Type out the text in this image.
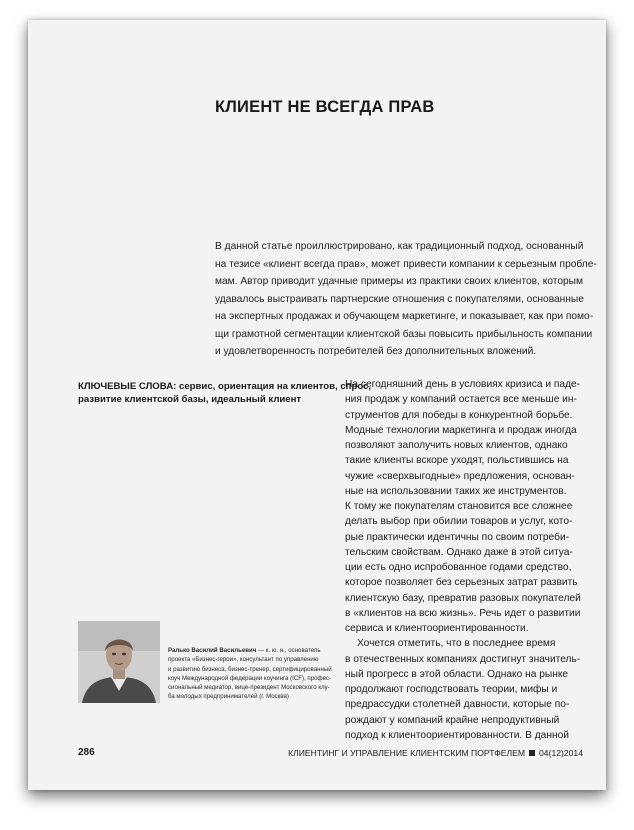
КЛИЕНТ НЕ ВСЕГДА ПРАВ
В данной статье проиллюстрировано, как традиционный подход, основанный
на тезисе «клиент всегда прав», может привести компании к серьезным пробле-
мам. Автор приводит удачные примеры из практики своих клиентов, которым
удавалось выстраивать партнерские отношения с покупателями, основанные
на экспертных продажах и обучающем маркетинге, и показывает, как при помо-
щи грамотной сегментации клиентской базы повысить прибыльность компании
и удовлетворенность потребителей без дополнительных вложений.
КЛЮЧЕВЫЕ СЛОВА: сервис, ориентация на клиентов, спрос,
развитие клиентской базы, идеальный клиент
На сегодняшний день в условиях кризиса и паде-
ния продаж у компаний остается все меньше ин-
струментов для победы в конкурентной борьбе.
Модные технологии маркетинга и продаж иногда
позволяют заполучить новых клиентов, однако
такие клиенты вскоре уходят, польстившись на
чужие «сверхвыгодные» предложения, основан-
ные на использовании таких же инструментов.
К тому же покупателям становится все сложнее
делать выбор при обилии товаров и услуг, кото-
рые практически идентичны по своим потреби-
тельским свойствам. Однако даже в этой ситуа-
ции есть одно испробованное годами средство,
которое позволяет без серьезных затрат развить
клиентскую базу, превратив разовых покупателей
в «клиентов на всю жизнь». Речь идет о развитии
сервиса и клиентоориентированности.
Хочется отметить, что в последнее время
в отечественных компаниях достигнут значитель-
ный прогресс в этой области. Однако на рынке
продолжают господствовать теории, мифы и
предрассудки столетней давности, которые по-
рождают у компаний крайне непродуктивный
подход к клиентоориентированности. В данной
Ралько Василий Васильевич — к. ю. н., основатель
проекта «Бизнес-герои», консультант по управлению
и развитию бизнеса, бизнес-тренер, сертифицированный
коуч Международной федерации коучинга (ICF), профес-
сиональный медиатор, вице-президент Московского клу-
ба молодых предпринимателей (г. Москва)
286	КЛИЕНТИНГ И УПРАВЛЕНИЕ КЛИЕНТСКИМ ПОРТФЕЛЕМ 04(12)2014
